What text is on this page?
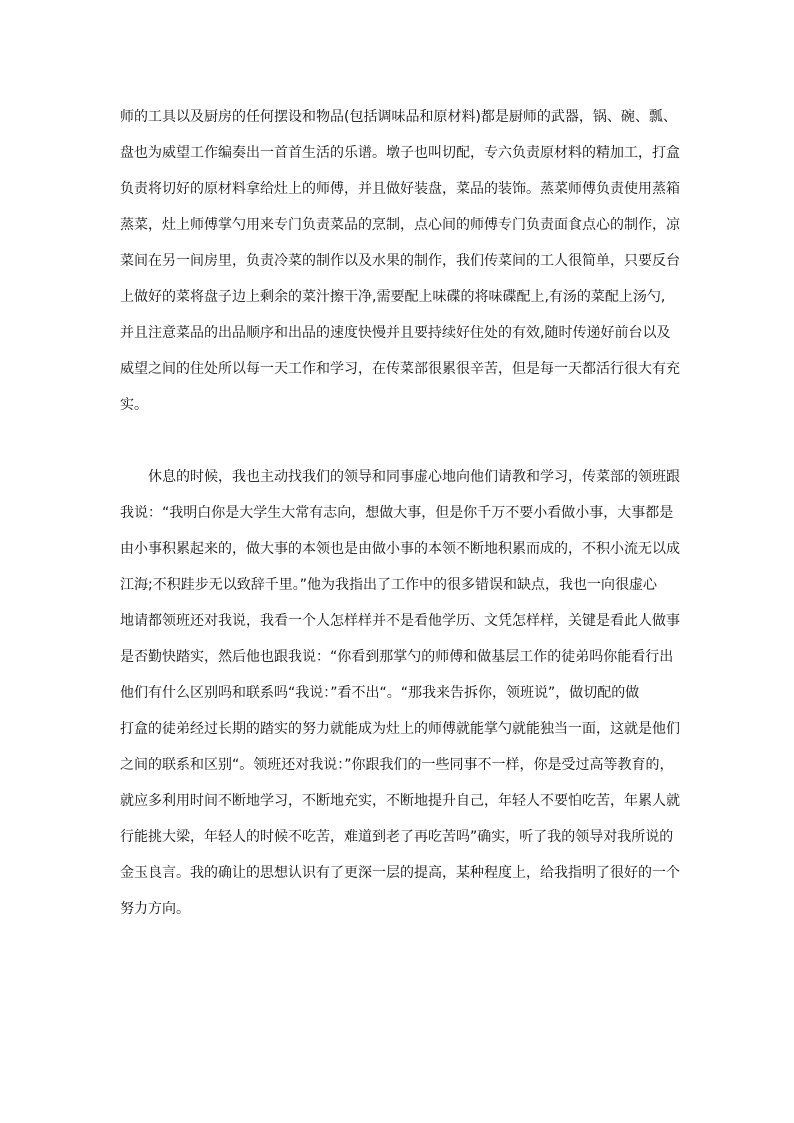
师的工具以及厨房的任何摆设和物品(包括调味品和原材料)都是厨师的武器，锅、碗、瓢、
盘也为威望工作编奏出一首首生活的乐谱。墩子也叫切配，专六负责原材料的精加工，打盒
负责将切好的原材料拿给灶上的师傅，并且做好装盘，菜品的装饰。蒸菜师傅负责使用蒸箱
蒸菜，灶上师傅掌勺用来专门负责菜品的烹制，点心间的师傅专门负责面食点心的制作，凉
菜间在另一间房里，负责冷菜的制作以及水果的制作，我们传菜间的工人很简单，只要反台
上做好的菜将盘子边上剩余的菜汁擦干净,需要配上味碟的将味碟配上,有汤的菜配上汤勺,
并且注意菜品的出品顺序和出品的速度快慢并且要持续好住处的有效,随时传递好前台以及
威望之间的住处所以每一天工作和学习，在传菜部很累很辛苦，但是每一天都活行很大有充
实。
　　休息的时候，我也主动找我们的领导和同事虚心地向他们请教和学习，传菜部的领班跟
我说：“我明白你是大学生大常有志向，想做大事，但是你千万不要小看做小事，大事都是
由小事积累起来的，做大事的本领也是由做小事的本领不断地积累而成的，不积小流无以成
江海;不积跬步无以致辞千里。”他为我指出了工作中的很多错误和缺点，我也一向很虚心
地请都领班还对我说，我看一个人怎样样并不是看他学历、文凭怎样样，关键是看此人做事
是否勤快踏实，然后他也跟我说：“你看到那掌勺的师傅和做基层工作的徒弟吗你能看行出
他们有什么区别吗和联系吗“我说：”看不出“。“那我来告拆你，领班说”，做切配的做
打盒的徒弟经过长期的踏实的努力就能成为灶上的师傅就能掌勺就能独当一面，这就是他们
之间的联系和区别“。领班还对我说：”你跟我们的一些同事不一样，你是受过高等教育的，
就应多利用时间不断地学习，不断地充实，不断地提升自己，年轻人不要怕吃苦，年累人就
行能挑大梁，年轻人的时候不吃苦，难道到老了再吃苦吗”确实，听了我的领导对我所说的
金玉良言。我的确让的思想认识有了更深一层的提高，某种程度上，给我指明了很好的一个
努力方向。
